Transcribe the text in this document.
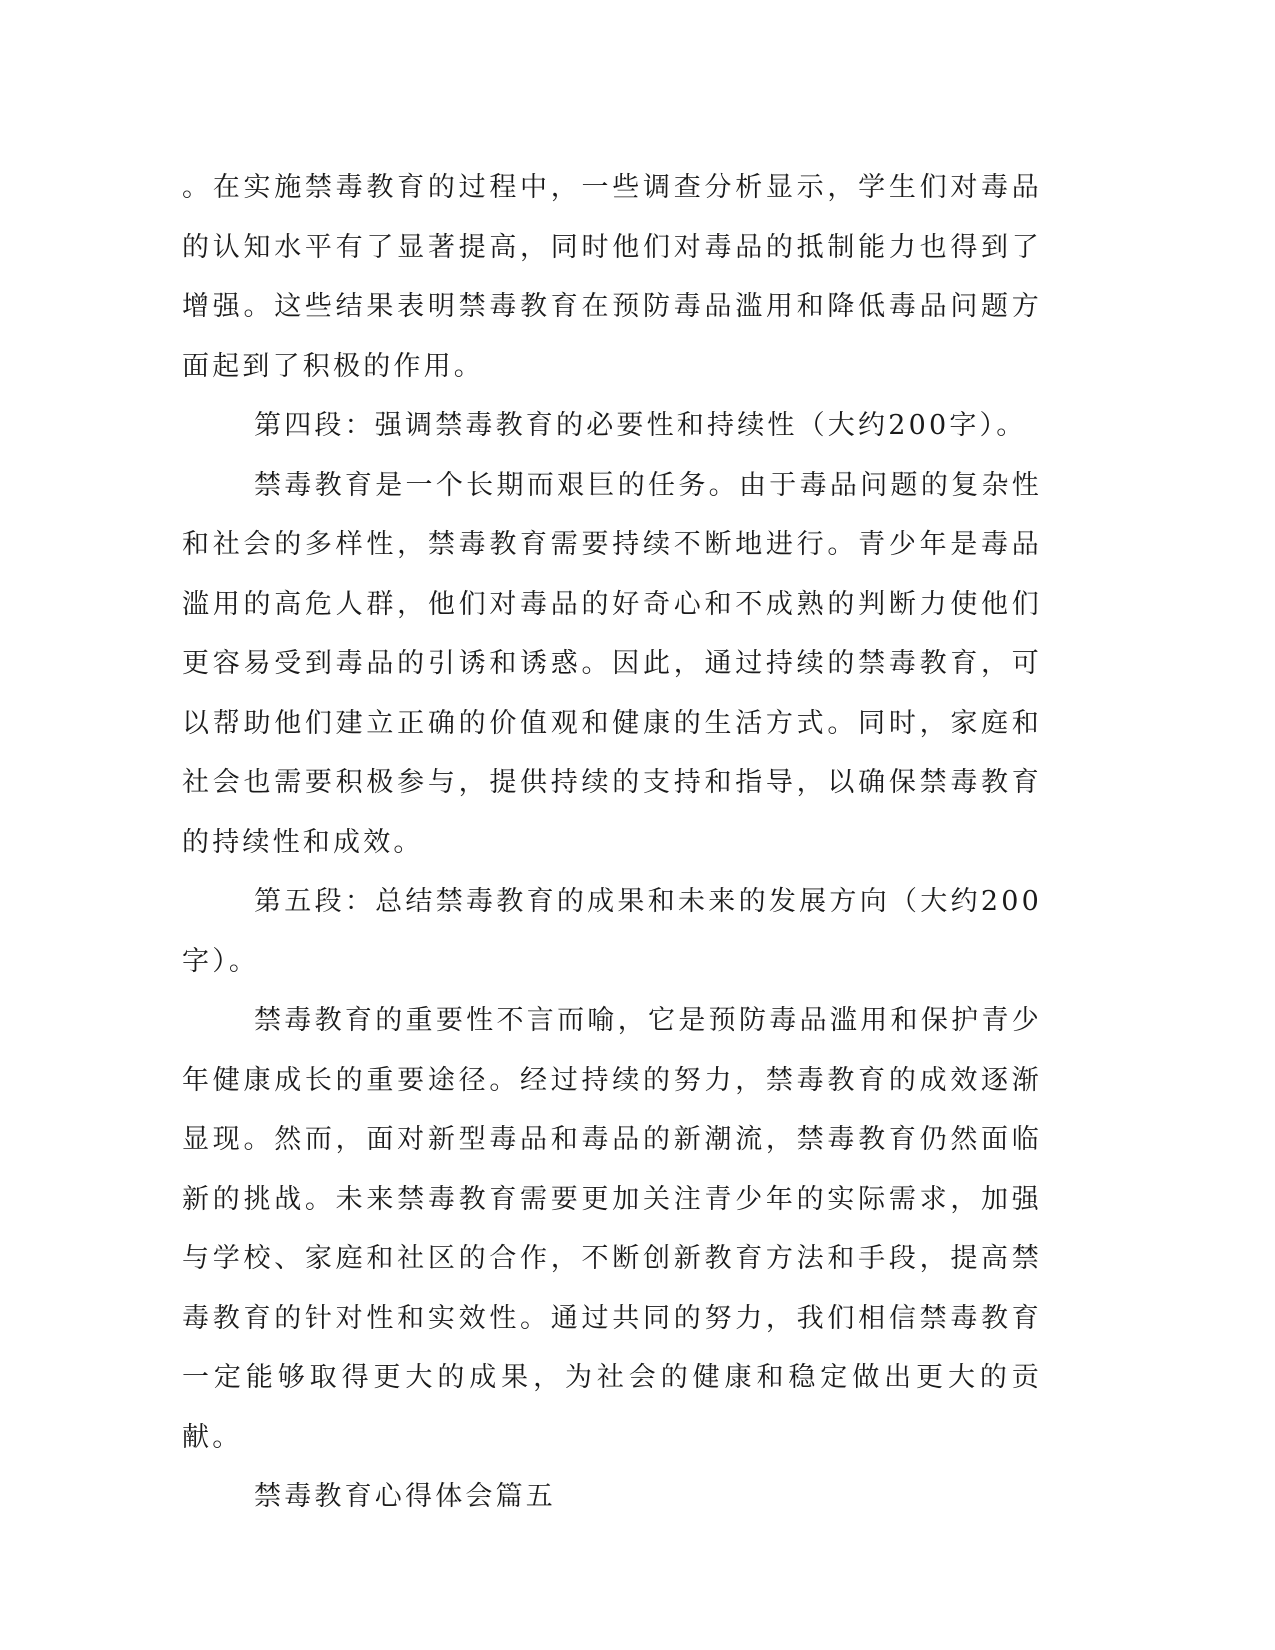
。在实施禁毒教育的过程中，一些调查分析显示，学生们对毒品的认知水平有了显著提高，同时他们对毒品的抵制能力也得到了增强。这些结果表明禁毒教育在预防毒品滥用和降低毒品问题方面起到了积极的作用。

第四段：强调禁毒教育的必要性和持续性（大约200字）。

禁毒教育是一个长期而艰巨的任务。由于毒品问题的复杂性和社会的多样性，禁毒教育需要持续不断地进行。青少年是毒品滥用的高危人群，他们对毒品的好奇心和不成熟的判断力使他们更容易受到毒品的引诱和诱惑。因此，通过持续的禁毒教育，可以帮助他们建立正确的价值观和健康的生活方式。同时，家庭和社会也需要积极参与，提供持续的支持和指导，以确保禁毒教育的持续性和成效。

第五段：总结禁毒教育的成果和未来的发展方向（大约200字）。

禁毒教育的重要性不言而喻，它是预防毒品滥用和保护青少年健康成长的重要途径。经过持续的努力，禁毒教育的成效逐渐显现。然而，面对新型毒品和毒品的新潮流，禁毒教育仍然面临新的挑战。未来禁毒教育需要更加关注青少年的实际需求，加强与学校、家庭和社区的合作，不断创新教育方法和手段，提高禁毒教育的针对性和实效性。通过共同的努力，我们相信禁毒教育一定能够取得更大的成果，为社会的健康和稳定做出更大的贡献。

禁毒教育心得体会篇五
